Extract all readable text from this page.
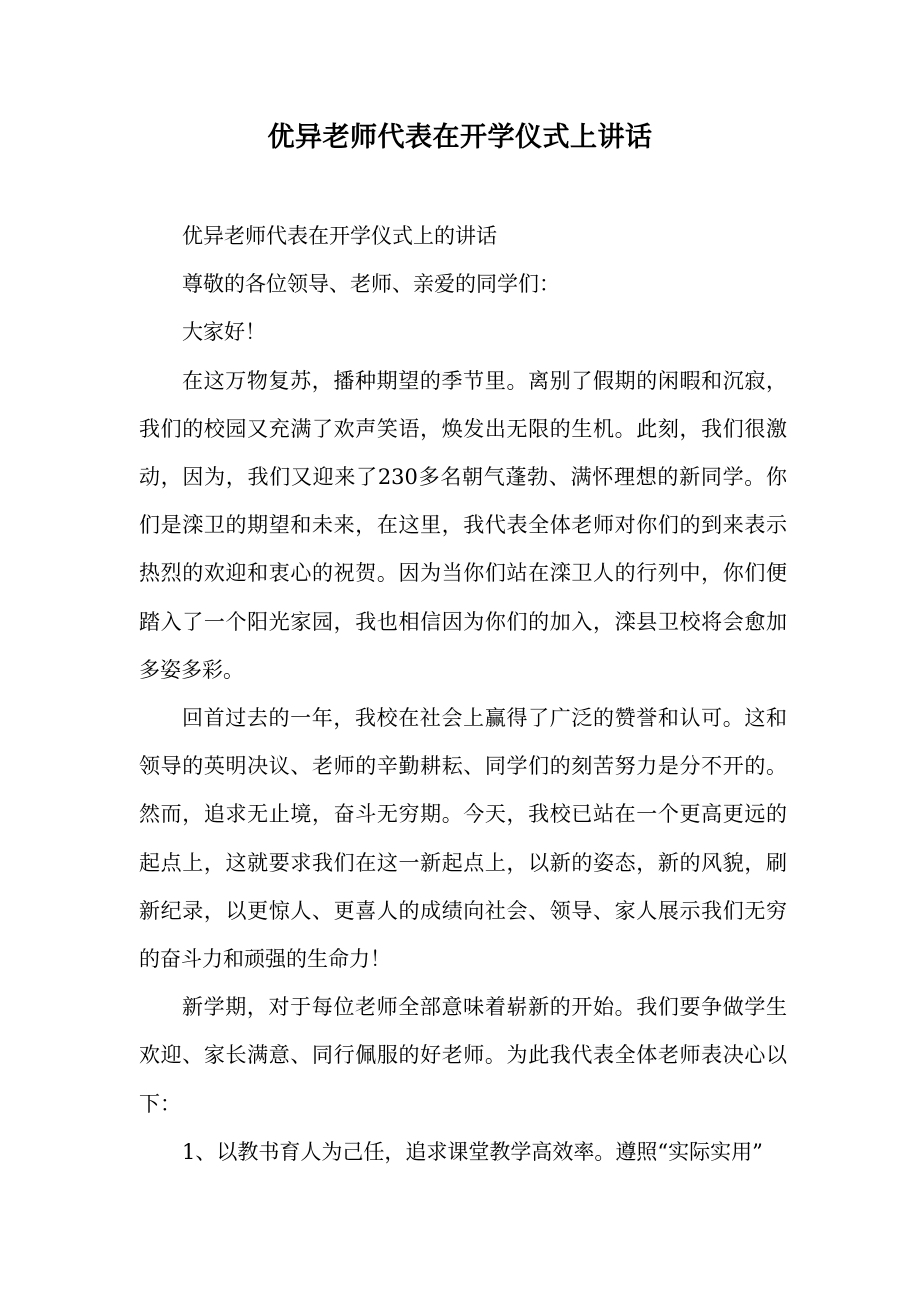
优异老师代表在开学仪式上讲话

优异老师代表在开学仪式上的讲话

尊敬的各位领导、老师、亲爱的同学们：

大家好！

在这万物复苏，播种期望的季节里。离别了假期的闲暇和沉寂，我们的校园又充满了欢声笑语，焕发出无限的生机。此刻，我们很激动，因为，我们又迎来了230多名朝气蓬勃、满怀理想的新同学。你们是滦卫的期望和未来，在这里，我代表全体老师对你们的到来表示热烈的欢迎和衷心的祝贺。因为当你们站在滦卫人的行列中，你们便踏入了一个阳光家园，我也相信因为你们的加入，滦县卫校将会愈加多姿多彩。

回首过去的一年，我校在社会上赢得了广泛的赞誉和认可。这和领导的英明决议、老师的辛勤耕耘、同学们的刻苦努力是分不开的。然而，追求无止境，奋斗无穷期。今天，我校已站在一个更高更远的起点上，这就要求我们在这一新起点上，以新的姿态，新的风貌，刷新纪录，以更惊人、更喜人的成绩向社会、领导、家人展示我们无穷的奋斗力和顽强的生命力！

新学期，对于每位老师全部意味着崭新的开始。我们要争做学生欢迎、家长满意、同行佩服的好老师。为此我代表全体老师表决心以下：

1、以教书育人为己任，追求课堂教学高效率。遵照“实际实用”
